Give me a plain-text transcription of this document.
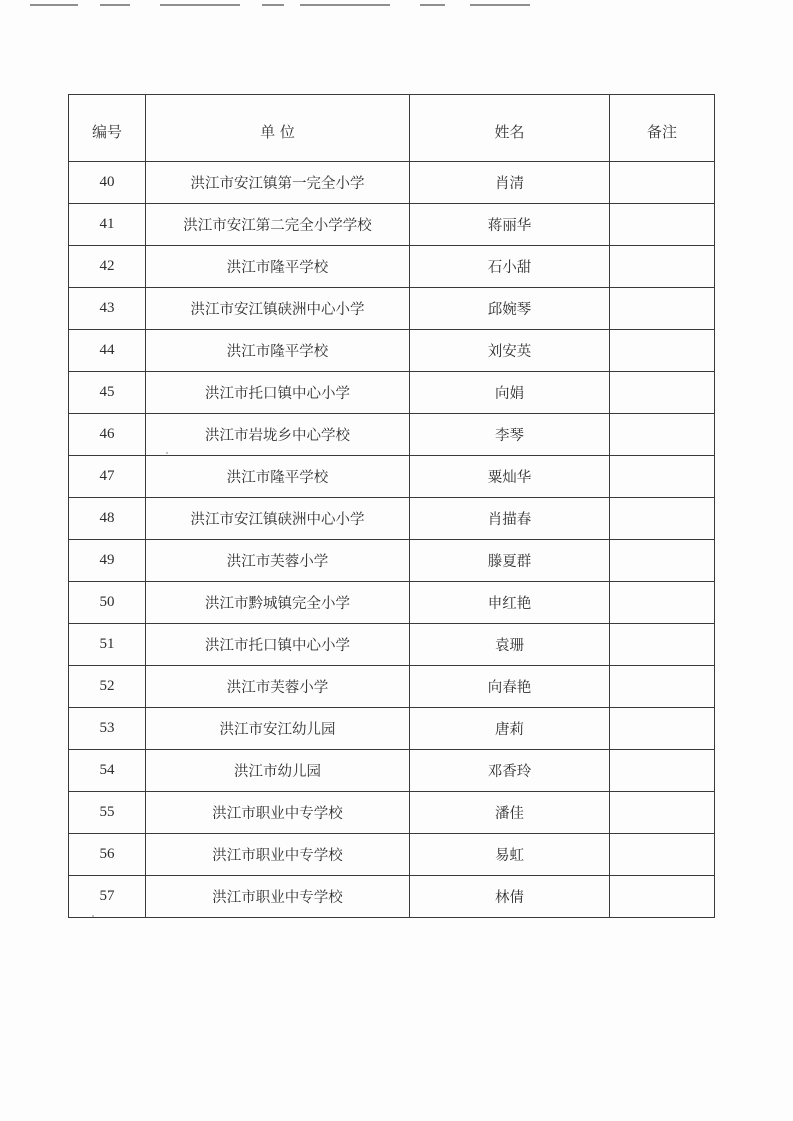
编号	单 位	姓名	备注
40	洪江市安江镇第一完全小学	肖清	
41	洪江市安江第二完全小学学校	蒋丽华	
42	洪江市隆平学校	石小甜	
43	洪江市安江镇硖洲中心小学	邱婉琴	
44	洪江市隆平学校	刘安英	
45	洪江市托口镇中心小学	向娟	
46	洪江市岩垅乡中心学校	李琴	
47	洪江市隆平学校	粟灿华	
48	洪江市安江镇硖洲中心小学	肖描春	
49	洪江市芙蓉小学	滕夏群	
50	洪江市黔城镇完全小学	申红艳	
51	洪江市托口镇中心小学	袁珊	
52	洪江市芙蓉小学	向春艳	
53	洪江市安江幼儿园	唐莉	
54	洪江市幼儿园	邓香玲	
55	洪江市职业中专学校	潘佳	
56	洪江市职业中专学校	易虹	
57	洪江市职业中专学校	林倩	
